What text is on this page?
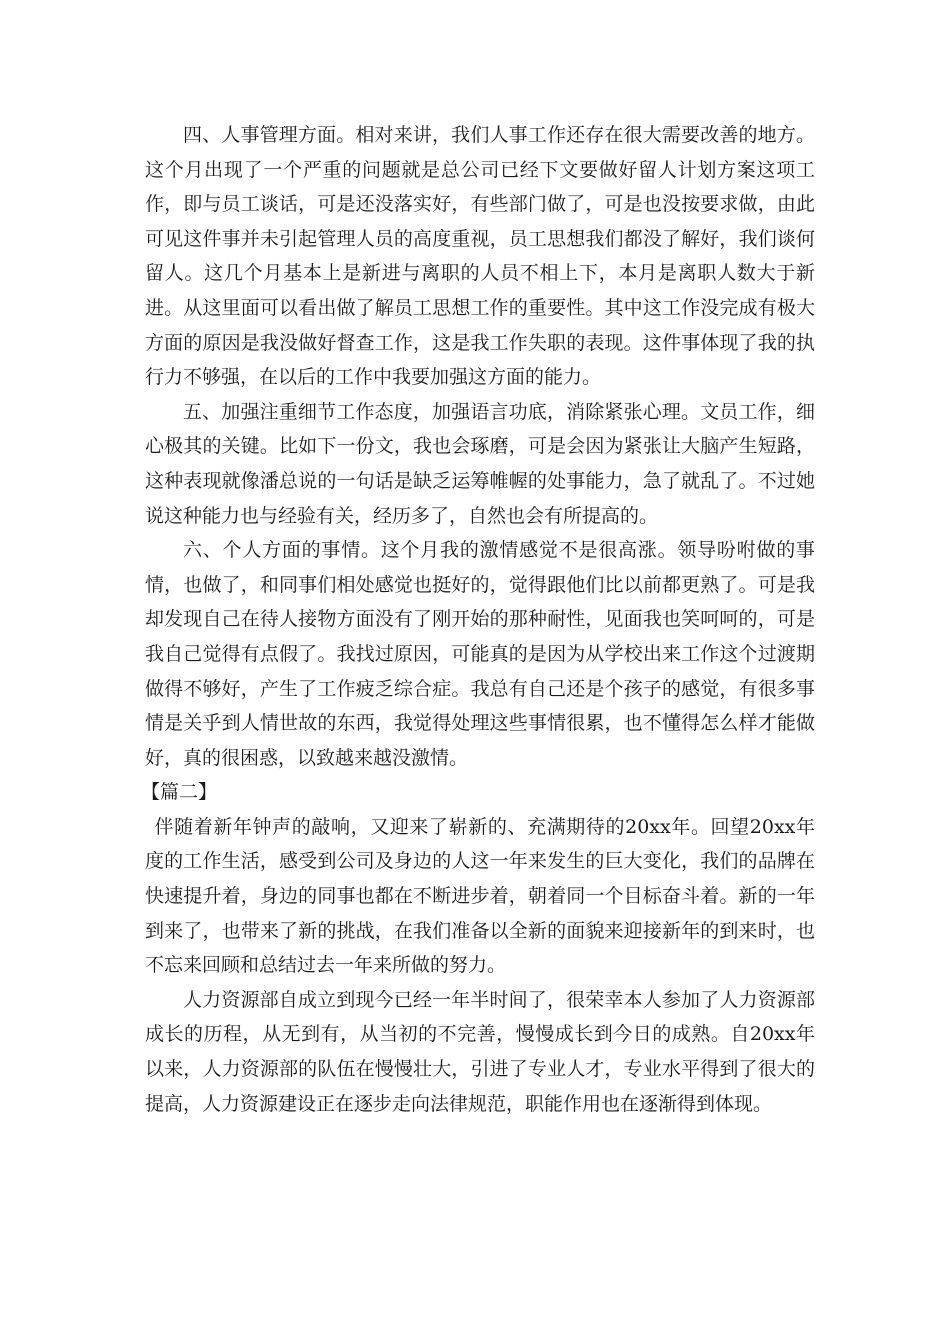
四、人事管理方面。相对来讲，我们人事工作还存在很大需要改善的地方。这个月出现了一个严重的问题就是总公司已经下文要做好留人计划方案这项工作，即与员工谈话，可是还没落实好，有些部门做了，可是也没按要求做，由此可见这件事并未引起管理人员的高度重视，员工思想我们都没了解好，我们谈何留人。这几个月基本上是新进与离职的人员不相上下，本月是离职人数大于新进。从这里面可以看出做了解员工思想工作的重要性。其中这工作没完成有极大方面的原因是我没做好督查工作，这是我工作失职的表现。这件事体现了我的执行力不够强，在以后的工作中我要加强这方面的能力。

五、加强注重细节工作态度，加强语言功底，消除紧张心理。文员工作，细心极其的关键。比如下一份文，我也会琢磨，可是会因为紧张让大脑产生短路，这种表现就像潘总说的一句话是缺乏运筹帷幄的处事能力，急了就乱了。不过她说这种能力也与经验有关，经历多了，自然也会有所提高的。

六、个人方面的事情。这个月我的激情感觉不是很高涨。领导吩咐做的事情，也做了，和同事们相处感觉也挺好的，觉得跟他们比以前都更熟了。可是我却发现自己在待人接物方面没有了刚开始的那种耐性，见面我也笑呵呵的，可是我自己觉得有点假了。我找过原因，可能真的是因为从学校出来工作这个过渡期做得不够好，产生了工作疲乏综合症。我总有自己还是个孩子的感觉，有很多事情是关乎到人情世故的东西，我觉得处理这些事情很累，也不懂得怎么样才能做好，真的很困惑，以致越来越没激情。

【篇二】

伴随着新年钟声的敲响，又迎来了崭新的、充满期待的20xx年。回望20xx年度的工作生活，感受到公司及身边的人这一年来发生的巨大变化，我们的品牌在快速提升着，身边的同事也都在不断进步着，朝着同一个目标奋斗着。新的一年到来了，也带来了新的挑战，在我们准备以全新的面貌来迎接新年的到来时，也不忘来回顾和总结过去一年来所做的努力。

人力资源部自成立到现今已经一年半时间了，很荣幸本人参加了人力资源部成长的历程，从无到有，从当初的不完善，慢慢成长到今日的成熟。自20xx年以来，人力资源部的队伍在慢慢壮大，引进了专业人才，专业水平得到了很大的提高，人力资源建设正在逐步走向法律规范，职能作用也在逐渐得到体现。
